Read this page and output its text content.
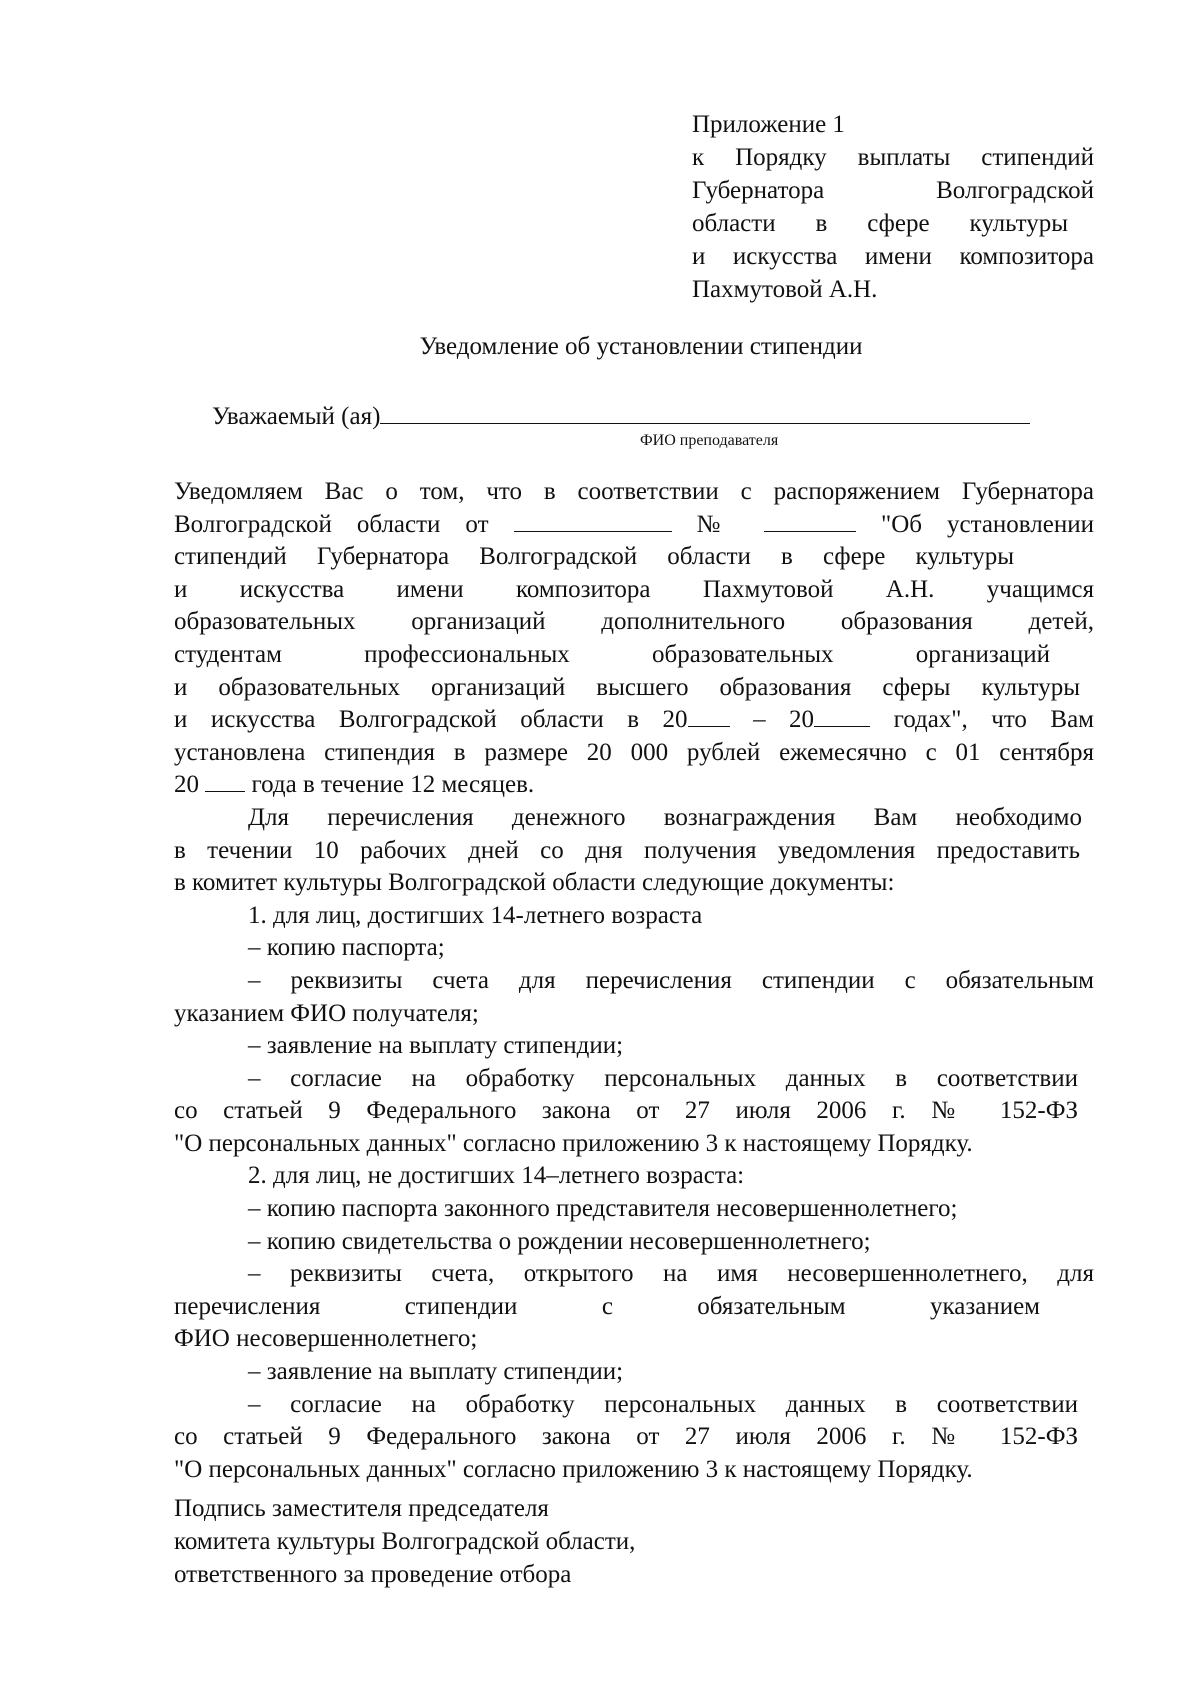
Приложение 1
к Порядку выплаты стипендий
Губернатора Волгоградской
области в сфере культуры
и искусства имени композитора
Пахмутовой А.Н.
Уведомление об установлении стипендии
Уважаемый (ая)
ФИО преподавателя
Уведомляем Вас о том, что в соответствии с распоряжением Губернатора
Волгоградской области от	№	"Об установлении
стипендий Губернатора Волгоградской области в сфере культуры
и искусства имени композитора Пахмутовой А.Н. учащимся
образовательных организаций дополнительного образования детей,
студентам профессиональных образовательных организаций
и образовательных организаций высшего образования сферы культуры
и искусства Волгоградской области в 20	– 20	годах", что Вам
установлена стипендия в размере 20 000 рублей ежемесячно с 01 сентября
20 года в течение 12 месяцев.
Для перечисления денежного вознаграждения Вам необходимо
в течении 10 рабочих дней со дня получения уведомления предоставить
в комитет культуры Волгоградской области следующие документы:
1. для лиц, достигших 14-летнего возраста
– копию паспорта;
– реквизиты счета для перечисления стипендии с обязательным
указанием ФИО получателя;
– заявление на выплату стипендии;
– согласие на обработку персональных данных в соответствии
со статьей 9 Федерального закона от 27 июля 2006 г. № 152-ФЗ
"О персональных данных" согласно приложению 3 к настоящему Порядку.
2. для лиц, не достигших 14–летнего возраста:
– копию паспорта законного представителя несовершеннолетнего;
– копию свидетельства о рождении несовершеннолетнего;
– реквизиты счета, открытого на имя несовершеннолетнего, для
перечисления стипендии с обязательным указанием
ФИО несовершеннолетнего;
– заявление на выплату стипендии;
– согласие на обработку персональных данных в соответствии
со статьей 9 Федерального закона от 27 июля 2006 г. № 152-ФЗ
"О персональных данных" согласно приложению 3 к настоящему Порядку.
Подпись заместителя председателя
комитета культуры Волгоградской области,
ответственного за проведение отбора
